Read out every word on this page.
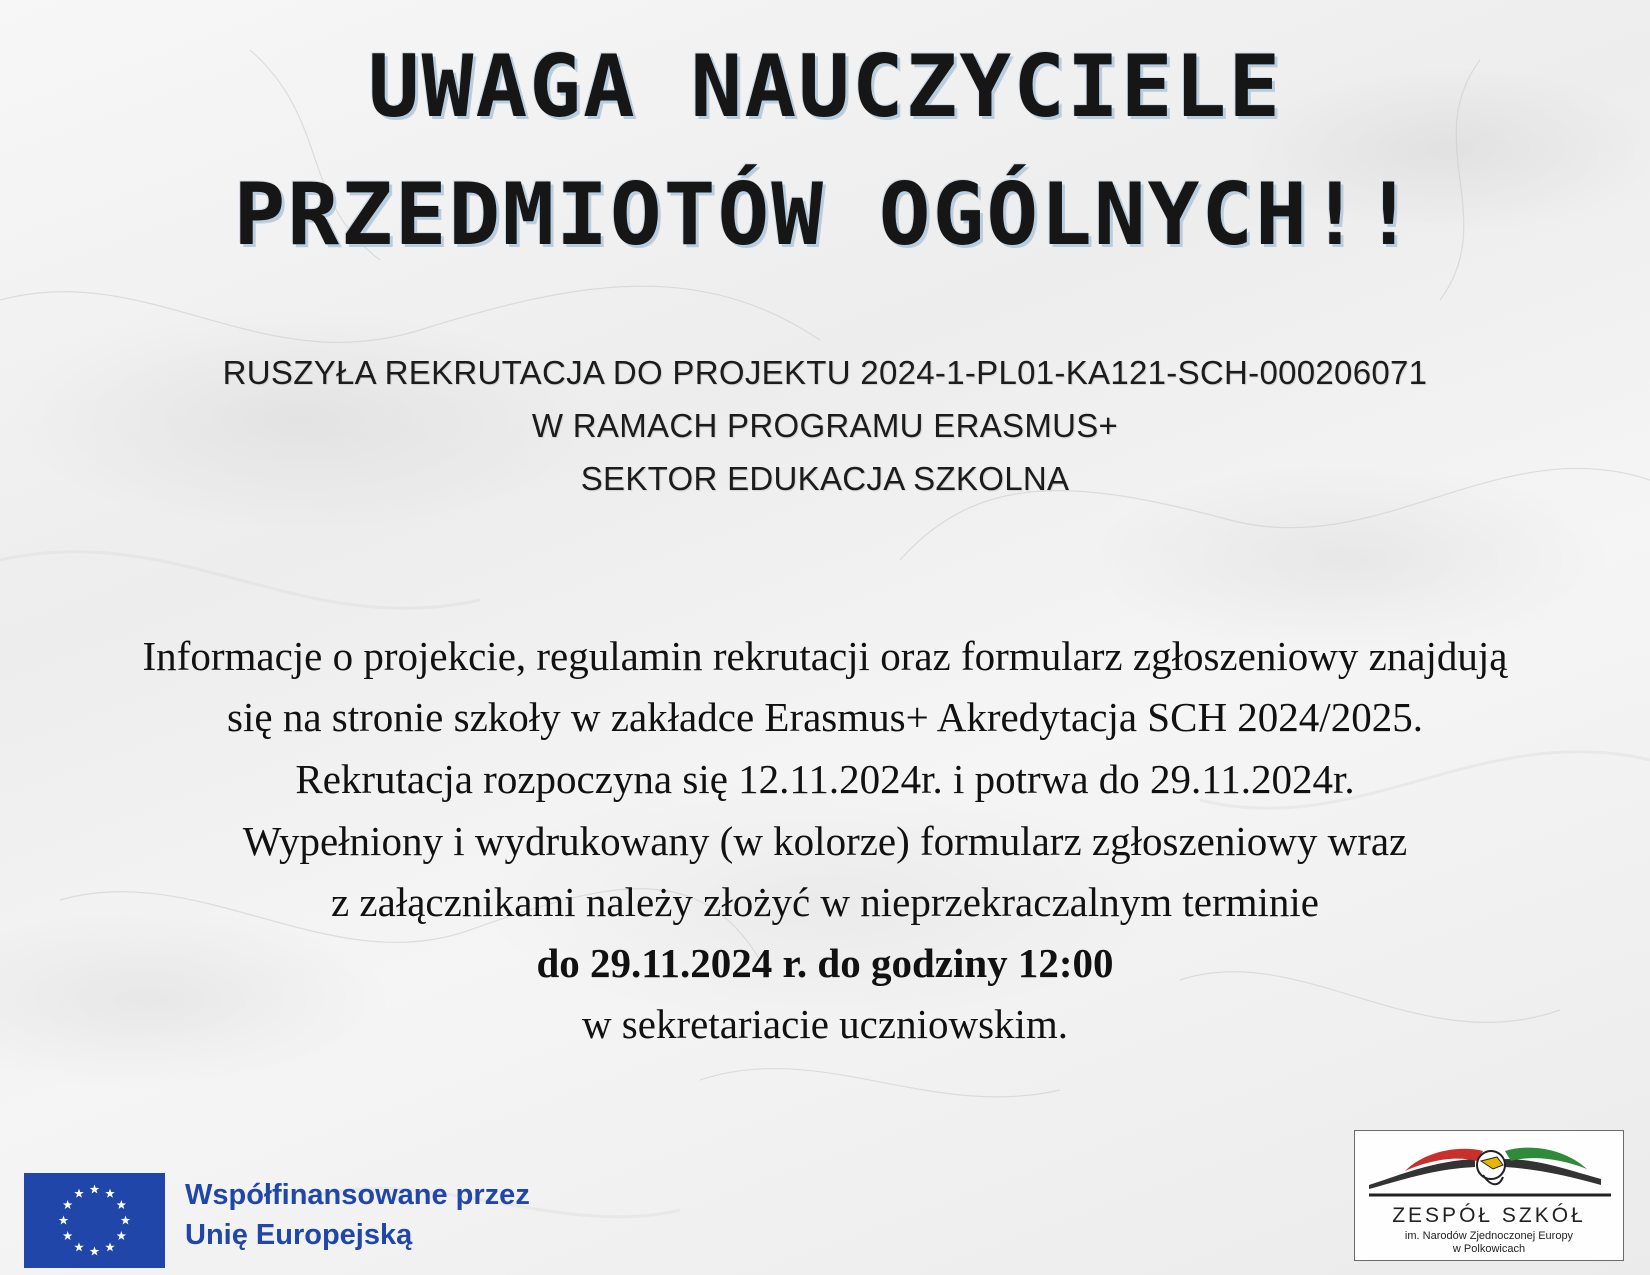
UWAGA NAUCZYCIELE
PRZEDMIOTÓW OGÓLNYCH!!
RUSZYŁA REKRUTACJA DO PROJEKTU 2024-1-PL01-KA121-SCH-000206071
W RAMACH PROGRAMU ERASMUS+
SEKTOR EDUKACJA SZKOLNA
Informacje o projekcie, regulamin rekrutacji oraz formularz zgłoszeniowy znajdują
się na stronie szkoły w zakładce Erasmus+ Akredytacja SCH 2024/2025.
Rekrutacja rozpoczyna się 12.11.2024r. i potrwa do 29.11.2024r.
Wypełniony i wydrukowany (w kolorze) formularz zgłoszeniowy wraz
z załącznikami należy złożyć w nieprzekraczalnym terminie
do 29.11.2024 r. do godziny 12:00
w sekretariacie uczniowskim.
Współfinansowane przez
Unię Europejską
ZESPÓŁ SZKÓŁ
im. Narodów Zjednoczonej Europy
w Polkowicach
